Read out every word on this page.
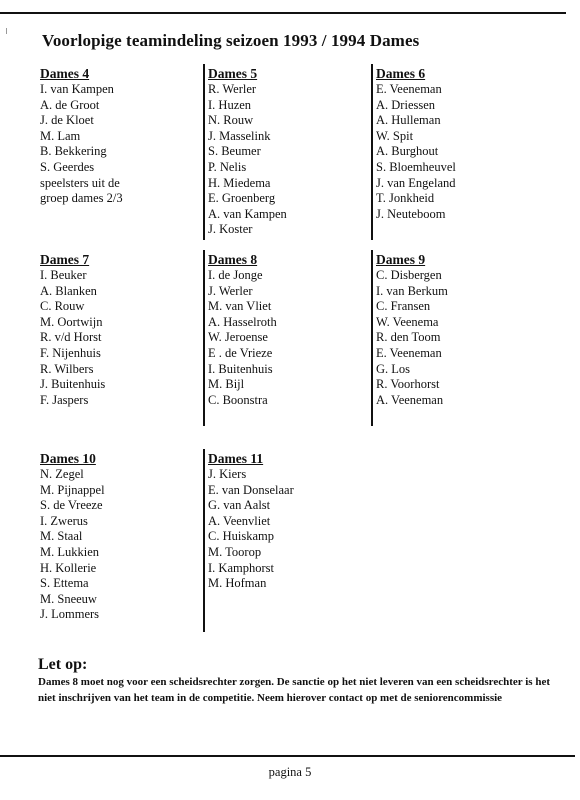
Voorlopige teamindeling seizoen 1993 / 1994 Dames
Dames 4
I. van Kampen
A. de Groot
J. de Kloet
M. Lam
B. Bekkering
S. Geerdes
speelsters uit de
groep dames 2/3
Dames 5
R. Werler
I. Huzen
N. Rouw
J. Masselink
S. Beumer
P. Nelis
H. Miedema
E. Groenberg
A. van Kampen
J. Koster
Dames 6
E. Veeneman
A. Driessen
A. Hulleman
W. Spit
A. Burghout
S. Bloemheuvel
J. van Engeland
T. Jonkheid
J. Neuteboom
Dames 7
I. Beuker
A. Blanken
C. Rouw
M. Oortwijn
R. v/d Horst
F. Nijenhuis
R. Wilbers
J. Buitenhuis
F. Jaspers
Dames 8
I. de Jonge
J. Werler
M. van Vliet
A. Hasselroth
W. Jeroense
E . de Vrieze
I. Buitenhuis
M. Bijl
C. Boonstra
Dames 9
C. Disbergen
I. van Berkum
C. Fransen
W. Veenema
R. den Toom
E. Veeneman
G. Los
R. Voorhorst
A. Veeneman
Dames 10
N. Zegel
M. Pijnappel
S. de Vreeze
I. Zwerus
M. Staal
M. Lukkien
H. Kollerie
S. Ettema
M. Sneeuw
J. Lommers
Dames 11
J. Kiers
E. van Donselaar
G. van Aalst
A. Veenvliet
C. Huiskamp
M. Toorop
I. Kamphorst
M. Hofman
Let op:

Dames 8 moet nog voor een scheidsrechter zorgen. De sanctie op het niet leveren van een scheidsrechter is het niet inschrijven van het team in de competitie. Neem hierover contact op met de seniorencommissie

pagina 5
